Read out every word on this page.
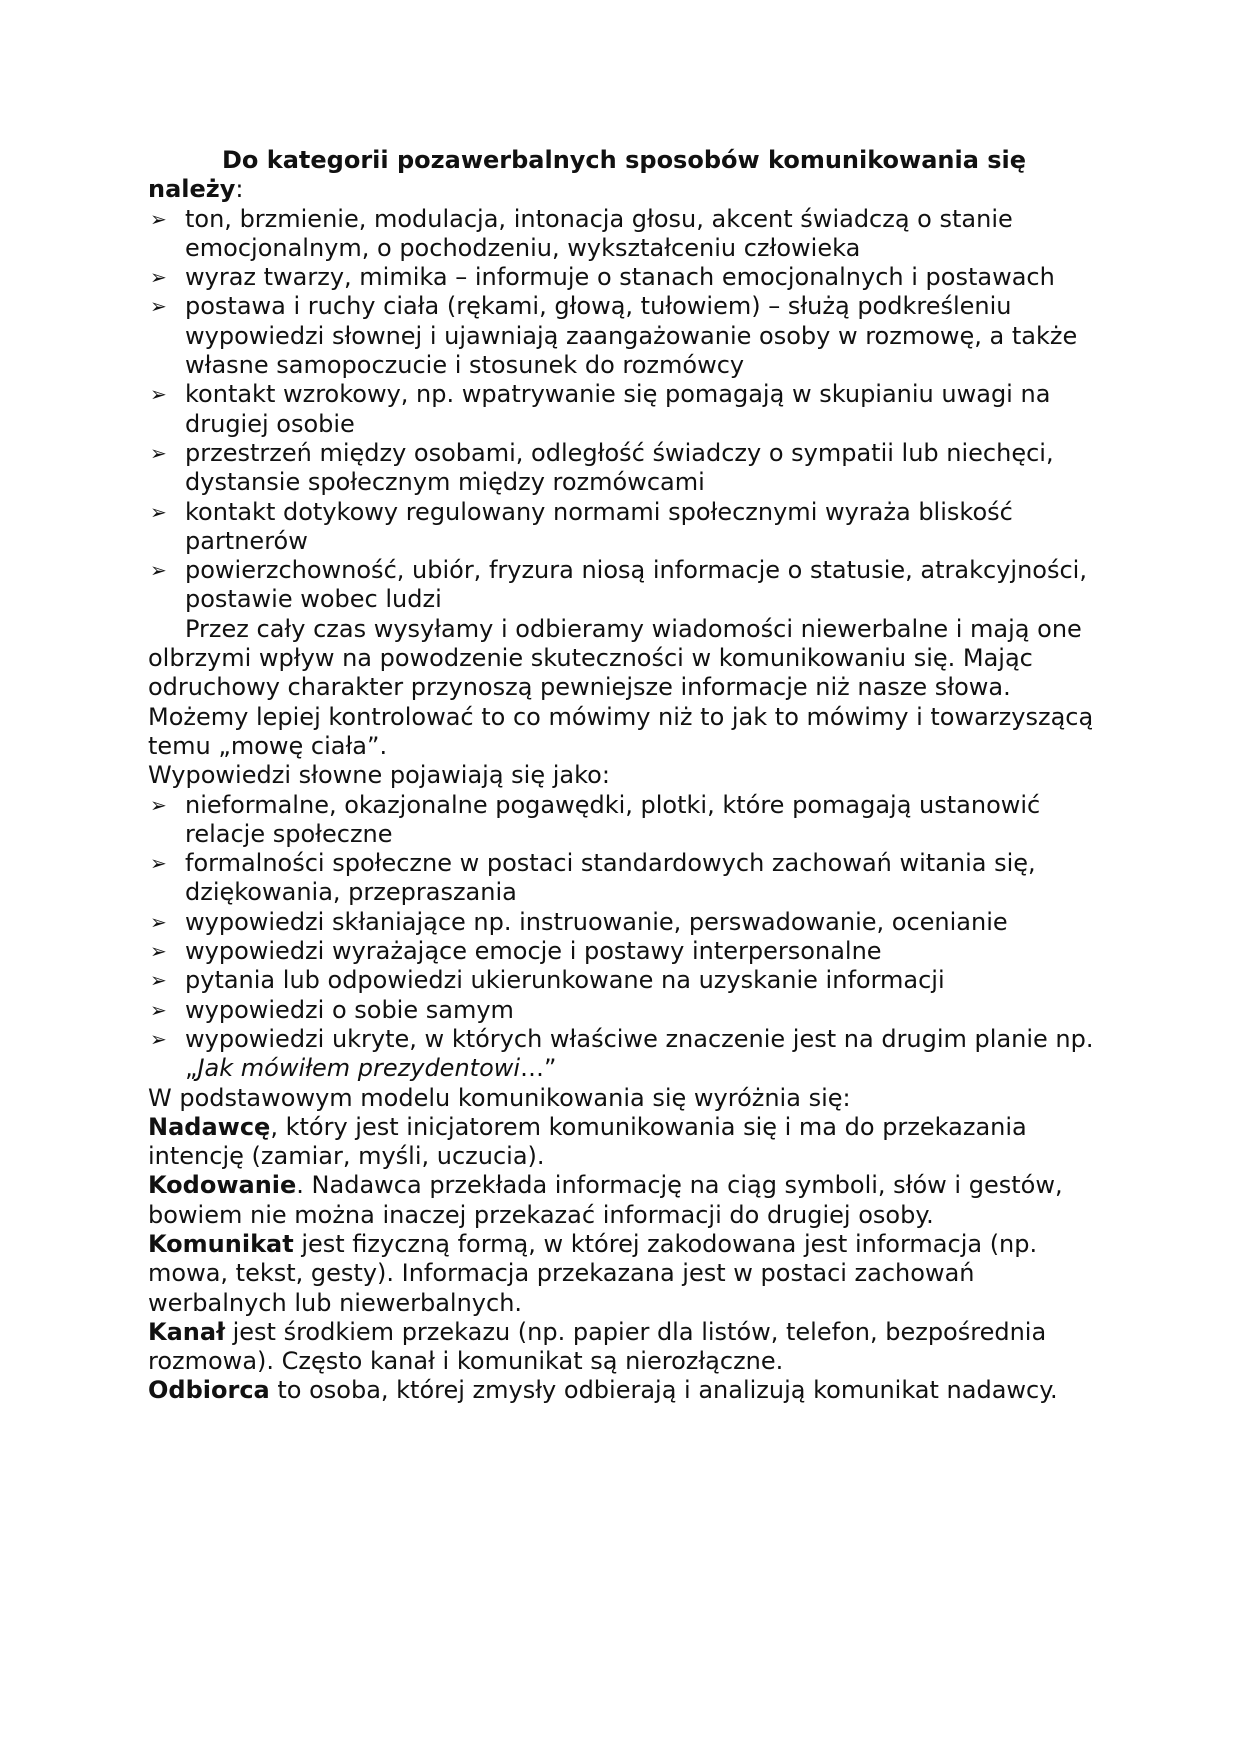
Do kategorii pozawerbalnych sposobów komunikowania się należy:

➢ ton, brzmienie, modulacja, intonacja głosu, akcent świadczą o stanie emocjonalnym, o pochodzeniu, wykształceniu człowieka
➢ wyraz twarzy, mimika – informuje o stanach emocjonalnych i postawach
➢ postawa i ruchy ciała (rękami, głową, tułowiem) – służą podkreśleniu wypowiedzi słownej i ujawniają zaangażowanie osoby w rozmowę, a także własne samopoczucie i stosunek do rozmówcy
➢ kontakt wzrokowy, np. wpatrywanie się pomagają w skupianiu uwagi na drugiej osobie
➢ przestrzeń między osobami, odległość świadczy o sympatii lub niechęci, dystansie społecznym między rozmówcami
➢ kontakt dotykowy regulowany normami społecznymi wyraża bliskość partnerów
➢ powierzchowność, ubiór, fryzura niosą informacje o statusie, atrakcyjności, postawie wobec ludzi

Przez cały czas wysyłamy i odbieramy wiadomości niewerbalne i mają one olbrzymi wpływ na powodzenie skuteczności w komunikowaniu się. Mając odruchowy charakter przynoszą pewniejsze informacje niż nasze słowa. Możemy lepiej kontrolować to co mówimy niż to jak to mówimy i towarzyszącą temu „mowę ciała”.

Wypowiedzi słowne pojawiają się jako:

➢ nieformalne, okazjonalne pogawędki, plotki, które pomagają ustanowić relacje społeczne
➢ formalności społeczne w postaci standardowych zachowań witania się, dziękowania, przepraszania
➢ wypowiedzi skłaniające np. instruowanie, perswadowanie, ocenianie
➢ wypowiedzi wyrażające emocje i postawy interpersonalne
➢ pytania lub odpowiedzi ukierunkowane na uzyskanie informacji
➢ wypowiedzi o sobie samym
➢ wypowiedzi ukryte, w których właściwe znaczenie jest na drugim planie np. „Jak mówiłem prezydentowi…”

W podstawowym modelu komunikowania się wyróżnia się:

Nadawcę, który jest inicjatorem komunikowania się i ma do przekazania intencję (zamiar, myśli, uczucia).

Kodowanie. Nadawca przekłada informację na ciąg symboli, słów i gestów, bowiem nie można inaczej przekazać informacji do drugiej osoby.

Komunikat jest fizyczną formą, w której zakodowana jest informacja (np. mowa, tekst, gesty). Informacja przekazana jest w postaci zachowań werbalnych lub niewerbalnych.

Kanał jest środkiem przekazu (np. papier dla listów, telefon, bezpośrednia rozmowa). Często kanał i komunikat są nierozłączne.

Odbiorca to osoba, której zmysły odbierają i analizują komunikat nadawcy.
